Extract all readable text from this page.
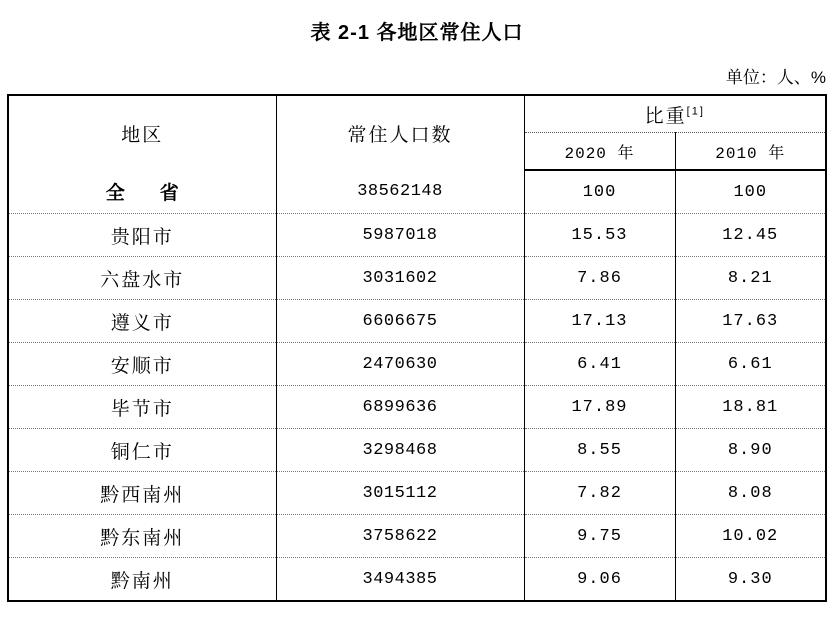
表 2-1 各地区常住人口
单位：人、%
地区	常住人口数	比重[1]
		2020 年	2010 年
全　省	38562148	100	100
贵阳市	5987018	15.53	12.45
六盘水市	3031602	7.86	8.21
遵义市	6606675	17.13	17.63
安顺市	2470630	6.41	6.61
毕节市	6899636	17.89	18.81
铜仁市	3298468	8.55	8.90
黔西南州	3015112	7.82	8.08
黔东南州	3758622	9.75	10.02
黔南州	3494385	9.06	9.30
